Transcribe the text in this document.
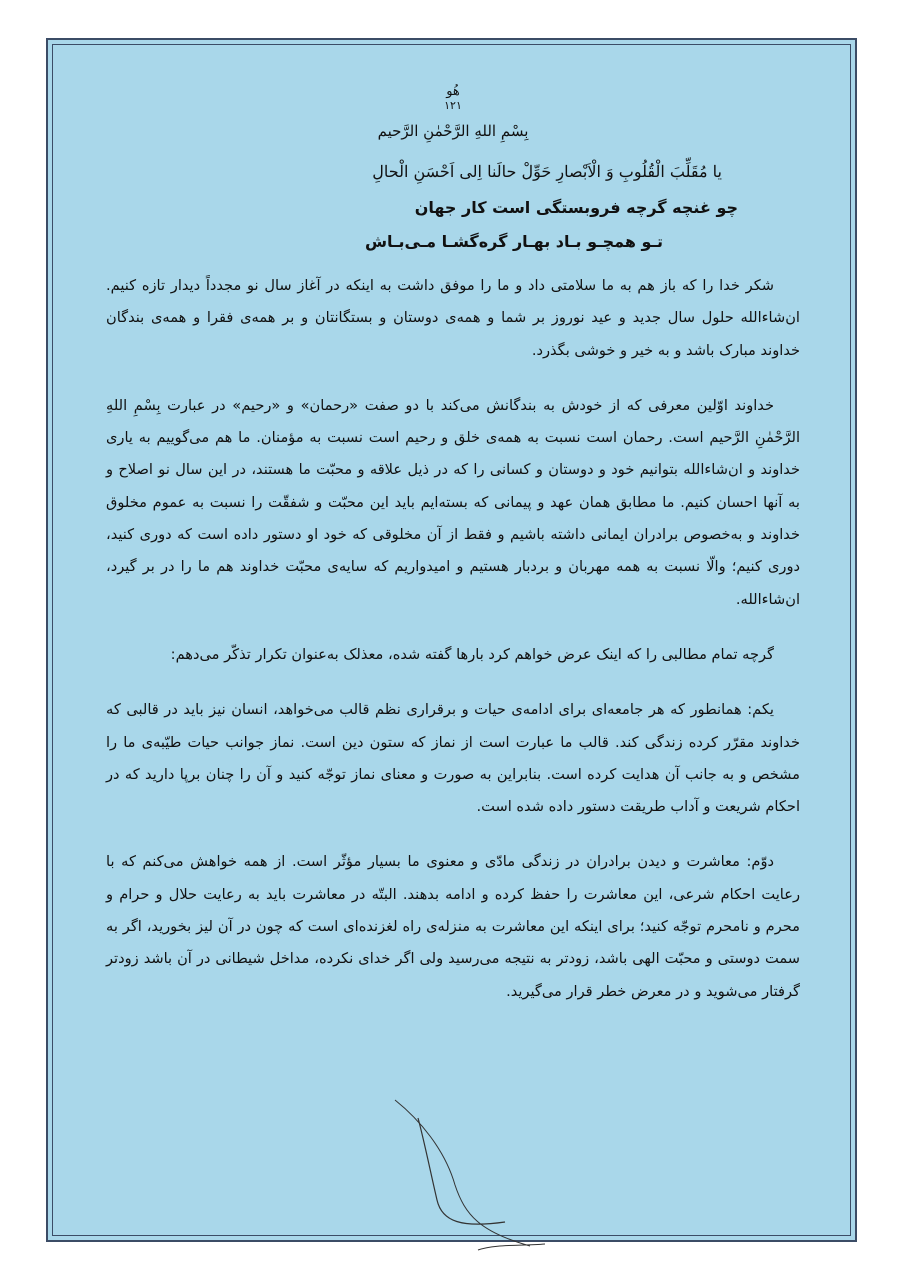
هُو
۱۲۱
بِسْمِ اللهِ الرَّحْمٰنِ الرَّحیم
یا مُقَلِّبَ الْقُلُوبِ وَ الْاَبْصارِ حَوِّلْ حالَنا اِلی اَحْسَنِ الْحالِ
چو غنچه گرچه فروبستگی است کار جهان
تـو همچـو بـاد بهـار گره‌گشـا مـی‌بـاش

شکر خدا را که باز هم به ما سلامتی داد و ما را موفق داشت به اینکه در آغاز سال نو مجدداً دیدار تازه کنیم. ان‌شاءالله حلول سال جدید و عید نوروز بر شما و همه‌ی دوستان و بستگانتان و بر همه‌ی فقرا و همه‌ی بندگان خداوند مبارک باشد و به خیر و خوشی بگذرد.

خداوند اوّلین معرفی که از خودش به بندگانش می‌کند با دو صفت «رحمان» و «رحیم» در عبارت بِسْمِ اللهِ الرَّحْمٰنِ الرَّحیم است. رحمان است نسبت به همه‌ی خلق و رحیم است نسبت به مؤمنان. ما هم می‌گوییم به یاری خداوند و ان‌شاءالله بتوانیم خود و دوستان و کسانی را که در ذیل علاقه و محبّت ما هستند، در این سال نو اصلاح و به آنها احسان کنیم. ما مطابق همان عهد و پیمانی که بسته‌ایم باید این محبّت و شفقّت را نسبت به عموم مخلوق خداوند و به‌خصوص برادران ایمانی داشته باشیم و فقط از آن مخلوقی که خود او دستور داده است که دوری کنید، دوری کنیم؛ والّا نسبت به همه مهربان و بردبار هستیم و امیدواریم که سایه‌ی محبّت خداوند هم ما را در بر گیرد، ان‌شاءالله.

گرچه تمام مطالبی را که اینک عرض خواهم کرد بارها گفته شده، معذلک به‌عنوان تکرار تذکّر می‌دهم:

یکم: همانطور که هر جامعه‌ای برای ادامه‌ی حیات و برقراری نظم قالب می‌خواهد، انسان نیز باید در قالبی که خداوند مقرّر کرده زندگی کند. قالب ما عبارت است از نماز که ستون دین است. نماز جوانب حیات طیّبه‌ی ما را مشخص و به جانب آن هدایت کرده است. بنابراین به صورت و معنای نماز توجّه کنید و آن را چنان برپا دارید که در احکام شریعت و آداب طریقت دستور داده شده است.

دوّم: معاشرت و دیدن برادران در زندگی مادّی و معنوی ما بسیار مؤثّر است. از همه خواهش می‌کنم که با رعایت احکام شرعی، این معاشرت را حفظ کرده و ادامه بدهند. البتّه در معاشرت باید به رعایت حلال و حرام و محرم و نامحرم توجّه کنید؛ برای اینکه این معاشرت به منزله‌ی راه لغزنده‌ای است که چون در آن لیز بخورید، اگر به سمت دوستی و محبّت الهی باشد، زودتر به نتیجه می‌رسید ولی اگر خدای نکرده، مداخل شیطانی در آن باشد زودتر گرفتار می‌شوید و در معرض خطر قرار می‌گیرید.
